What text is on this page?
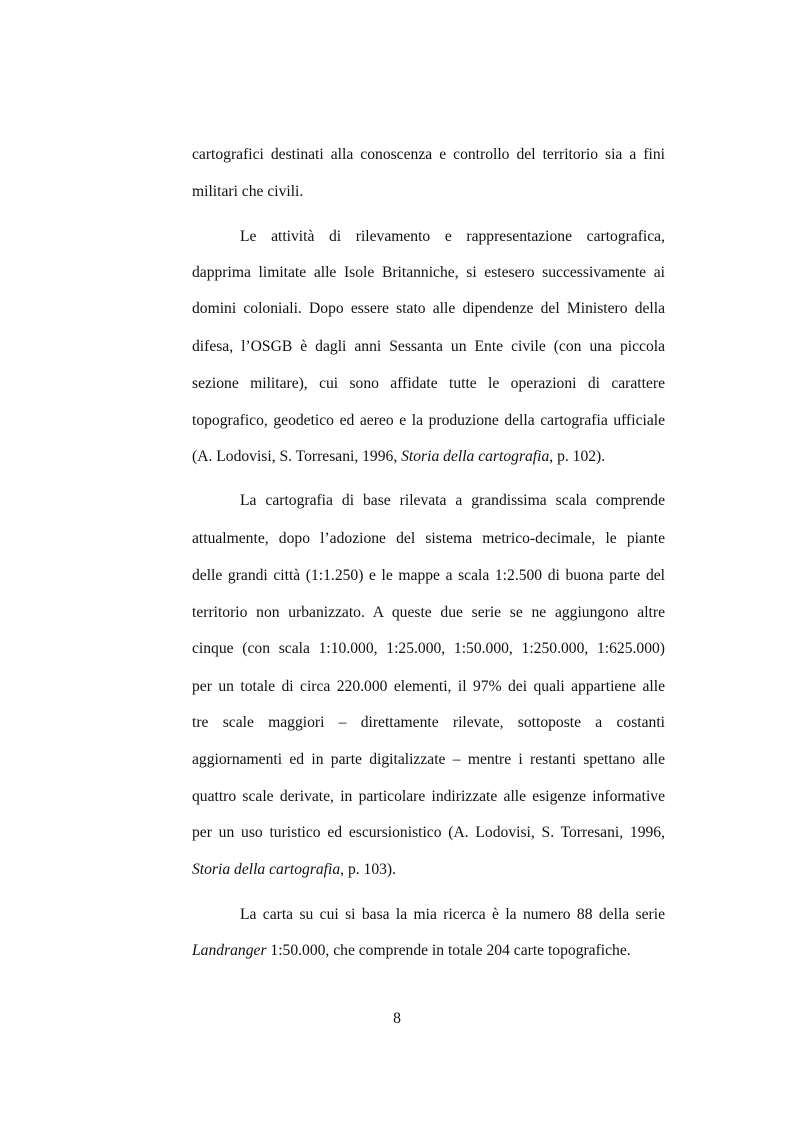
cartografici destinati alla conoscenza e controllo del territorio sia a fini
militari che civili.
Le attività di rilevamento e rappresentazione cartografica,
dapprima limitate alle Isole Britanniche, si estesero successivamente ai
domini coloniali. Dopo essere stato alle dipendenze del Ministero della
difesa, l’OSGB è dagli anni Sessanta un Ente civile (con una piccola
sezione militare), cui sono affidate tutte le operazioni di carattere
topografico, geodetico ed aereo e la produzione della cartografia ufficiale
(A. Lodovisi, S. Torresani, 1996, Storia della cartografia, p. 102).
La cartografia di base rilevata a grandissima scala comprende
attualmente, dopo l’adozione del sistema metrico-decimale, le piante
delle grandi città (1:1.250) e le mappe a scala 1:2.500 di buona parte del
territorio non urbanizzato. A queste due serie se ne aggiungono altre
cinque (con scala 1:10.000, 1:25.000, 1:50.000, 1:250.000, 1:625.000)
per un totale di circa 220.000 elementi, il 97% dei quali appartiene alle
tre scale maggiori – direttamente rilevate, sottoposte a costanti
aggiornamenti ed in parte digitalizzate – mentre i restanti spettano alle
quattro scale derivate, in particolare indirizzate alle esigenze informative
per un uso turistico ed escursionistico (A. Lodovisi, S. Torresani, 1996,
Storia della cartografia, p. 103).
La carta su cui si basa la mia ricerca è la numero 88 della serie
Landranger 1:50.000, che comprende in totale 204 carte topografiche.
8
